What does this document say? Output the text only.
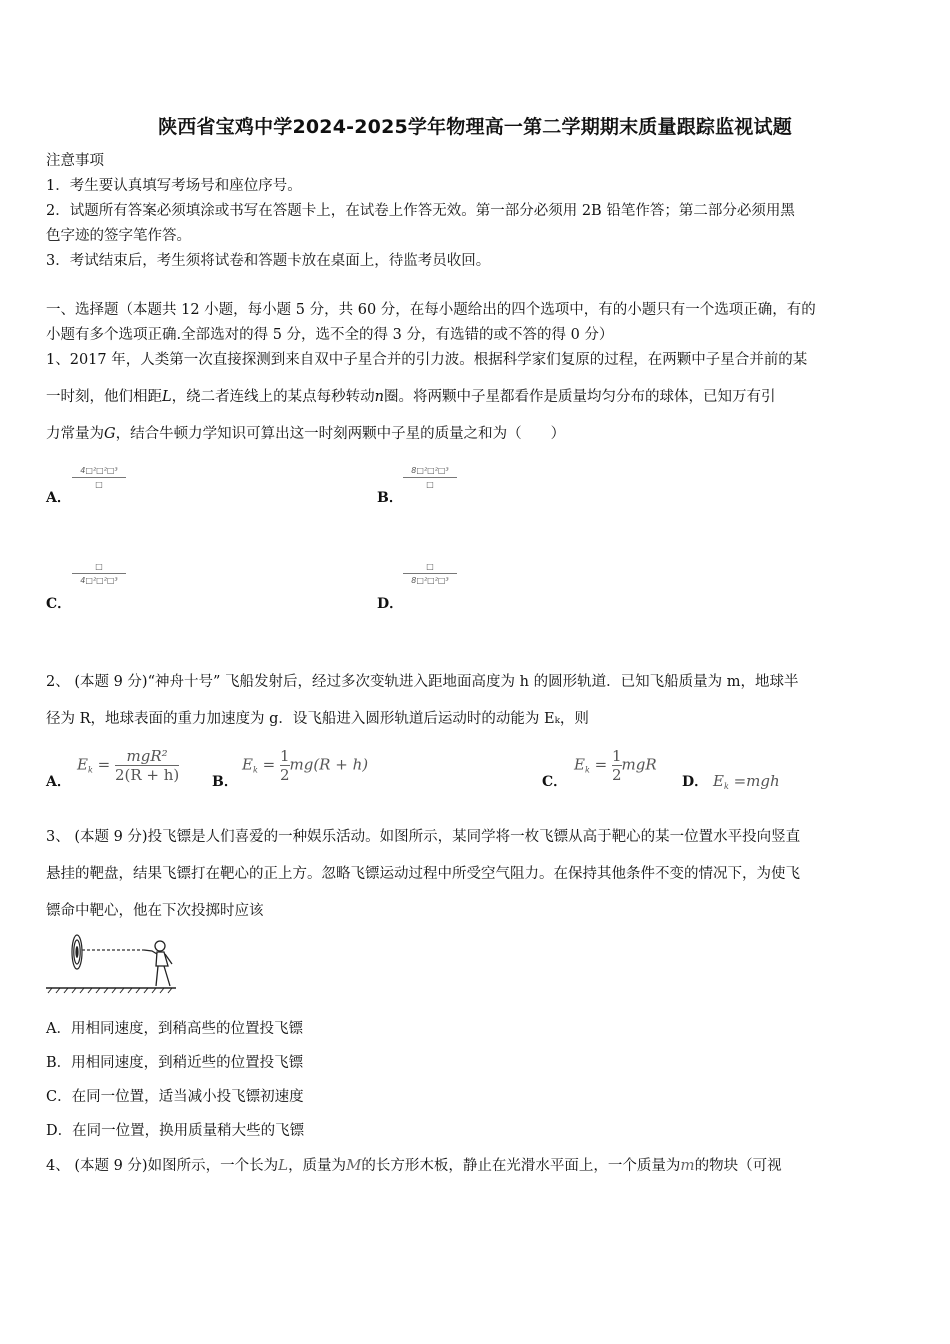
陕西省宝鸡中学2024-2025学年物理高一第二学期期末质量跟踪监视试题
注意事项
1．考生要认真填写考场号和座位序号。
2．试题所有答案必须填涂或书写在答题卡上，在试卷上作答无效。第一部分必须用 2B 铅笔作答；第二部分必须用黑
色字迹的签字笔作答。
3．考试结束后，考生须将试卷和答题卡放在桌面上，待监考员收回。
一、选择题（本题共 12 小题，每小题 5 分，共 60 分，在每小题给出的四个选项中，有的小题只有一个选项正确，有的
小题有多个选项正确.全部选对的得 5 分，选不全的得 3 分，有选错的或不答的得 0 分）
1、2017 年，人类第一次直接探测到来自双中子星合并的引力波。根据科学家们复原的过程，在两颗中子星合并前的某
一时刻，他们相距L，绕二者连线上的某点每秒转动n圈。将两颗中子星都看作是质量均匀分布的球体，已知万有引
力常量为G，结合牛顿力学知识可算出这一时刻两颗中子星的质量之和为（　　）
A．
4□²□²□³
□
B．
8□²□²□³
□
C．
□
4□²□²□³
D．
□
8□²□²□³
2、 (本题 9 分)“神舟十号” 飞船发射后，经过多次变轨进入距地面高度为 h 的圆形轨道．已知飞船质量为 m，地球半
径为 R，地球表面的重力加速度为 g．设飞船进入圆形轨道后运动时的动能为 Eₖ，则
A．
$E_k$ =	mgR²
2(R + h) B．
$E_k = \frac{1}{2} mg(R + h)$
C．
$E_k = \frac{1}{2}$ mgR
D． $E_k =mgh$
3、 (本题 9 分)投飞镖是人们喜爱的一种娱乐活动。如图所示，某同学将一枚飞镖从高于靶心的某一位置水平投向竖直
悬挂的靶盘，结果飞镖打在靶心的正上方。忽略飞镖运动过程中所受空气阻力。在保持其他条件不变的情况下，为使飞
镖命中靶心，他在下次投掷时应该
A．用相同速度，到稍高些的位置投飞镖
B．用相同速度，到稍近些的位置投飞镖
C．在同一位置，适当减小投飞镖初速度
D．在同一位置，换用质量稍大些的飞镖
4、 (本题 9 分)如图所示，一个长为L，质量为M的长方形木板，静止在光滑水平面上，一个质量为m的物块（可视
